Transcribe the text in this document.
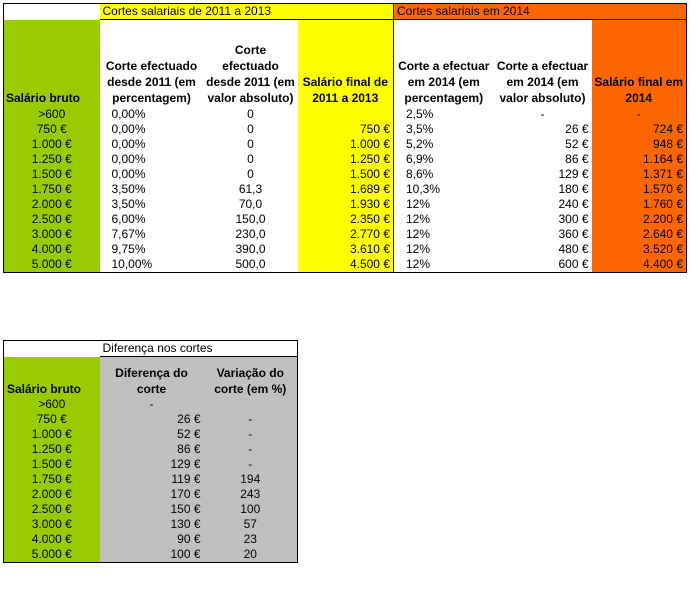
	Cortes salariais de 2011 a 2013			Cortes salariais em 2014		
Salário bruto	Corte efectuado desde 2011 (em percentagem)	Corte efectuado desde 2011 (em valor absoluto)	Salário final de 2011 a 2013	Corte a efectuar em 2014 (em percentagem)	Corte a efectuar em 2014 (em valor absoluto)	Salário final em 2014
>600	0,00%	0		2,5%	-	-
750 €	0,00%	0	750 €	3,5%	26 €	724 €
1.000 €	0,00%	0	1.000 €	5,2%	52 €	948 €
1.250 €	0,00%	0	1.250 €	6,9%	86 €	1.164 €
1.500 €	0,00%	0	1.500 €	8,6%	129 €	1.371 €
1.750 €	3,50%	61,3	1.689 €	10,3%	180 €	1.570 €
2.000 €	3,50%	70,0	1.930 €	12%	240 €	1.760 €
2.500 €	6,00%	150,0	2.350 €	12%	300 €	2.200 €
3.000 €	7,67%	230,0	2.770 €	12%	360 €	2.640 €
4.000 €	9,75%	390,0	3.610 €	12%	480 €	3.520 €
5.000 €	10,00%	500,0	4.500 €	12%	600 €	4.400 €
	Diferença nos cortes	
Salário bruto	Diferença do corte	Variação do corte (em %)
>600	-	
750 €	26 €	-
1.000 €	52 €	-
1.250 €	86 €	-
1.500 €	129 €	-
1.750 €	119 €	194
2.000 €	170 €	243
2.500 €	150 €	100
3.000 €	130 €	57
4.000 €	90 €	23
5.000 €	100 €	20
